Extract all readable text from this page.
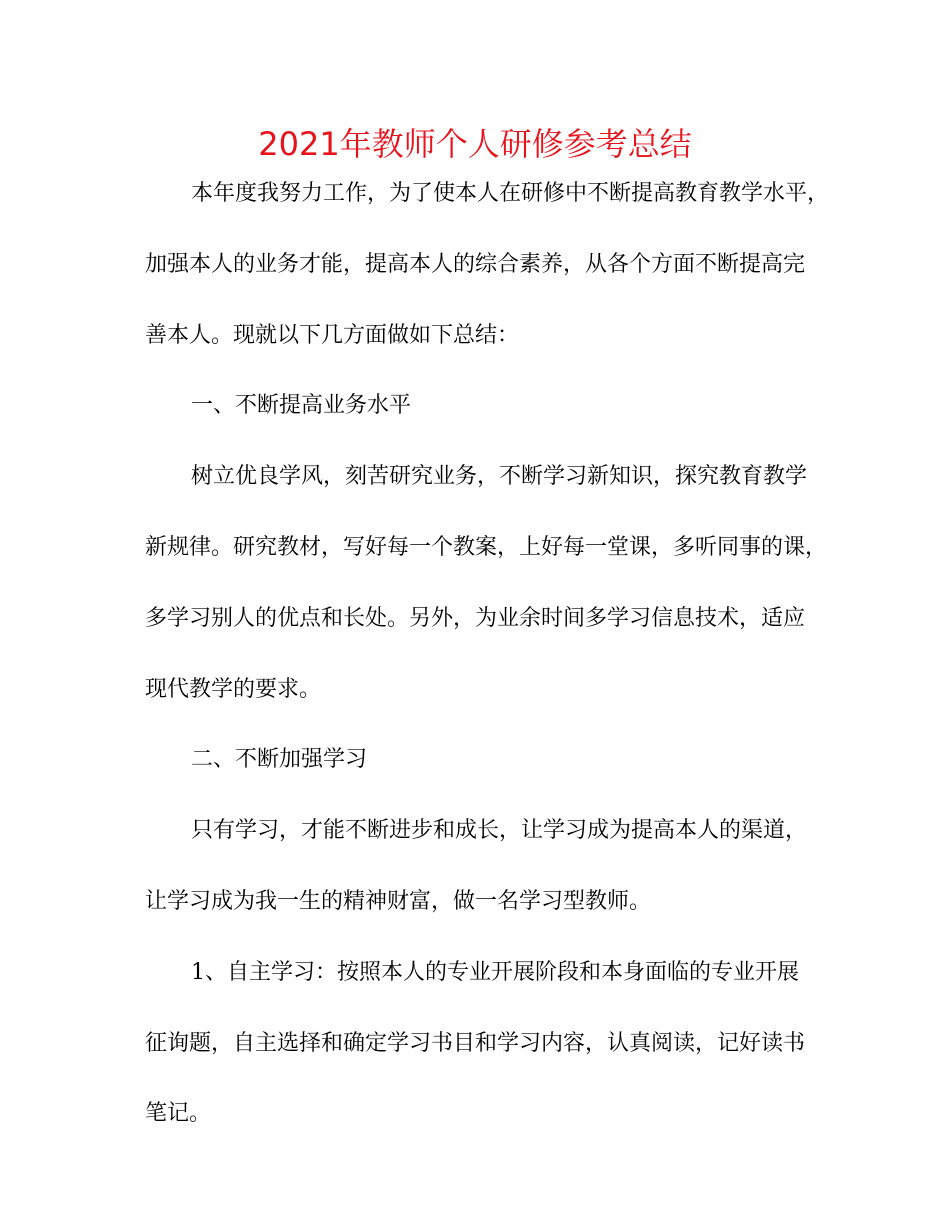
2021年教师个人研修参考总结
本年度我努力工作，为了使本人在研修中不断提高教育教学水平，
加强本人的业务才能，提高本人的综合素养，从各个方面不断提高完
善本人。现就以下几方面做如下总结：
一、不断提高业务水平
树立优良学风，刻苦研究业务，不断学习新知识，探究教育教学
新规律。研究教材，写好每一个教案，上好每一堂课，多听同事的课，
多学习别人的优点和长处。另外，为业余时间多学习信息技术，适应
现代教学的要求。
二、不断加强学习
只有学习，才能不断进步和成长，让学习成为提高本人的渠道，
让学习成为我一生的精神财富，做一名学习型教师。
1、自主学习：按照本人的专业开展阶段和本身面临的专业开展
征询题，自主选择和确定学习书目和学习内容，认真阅读，记好读书
笔记。
